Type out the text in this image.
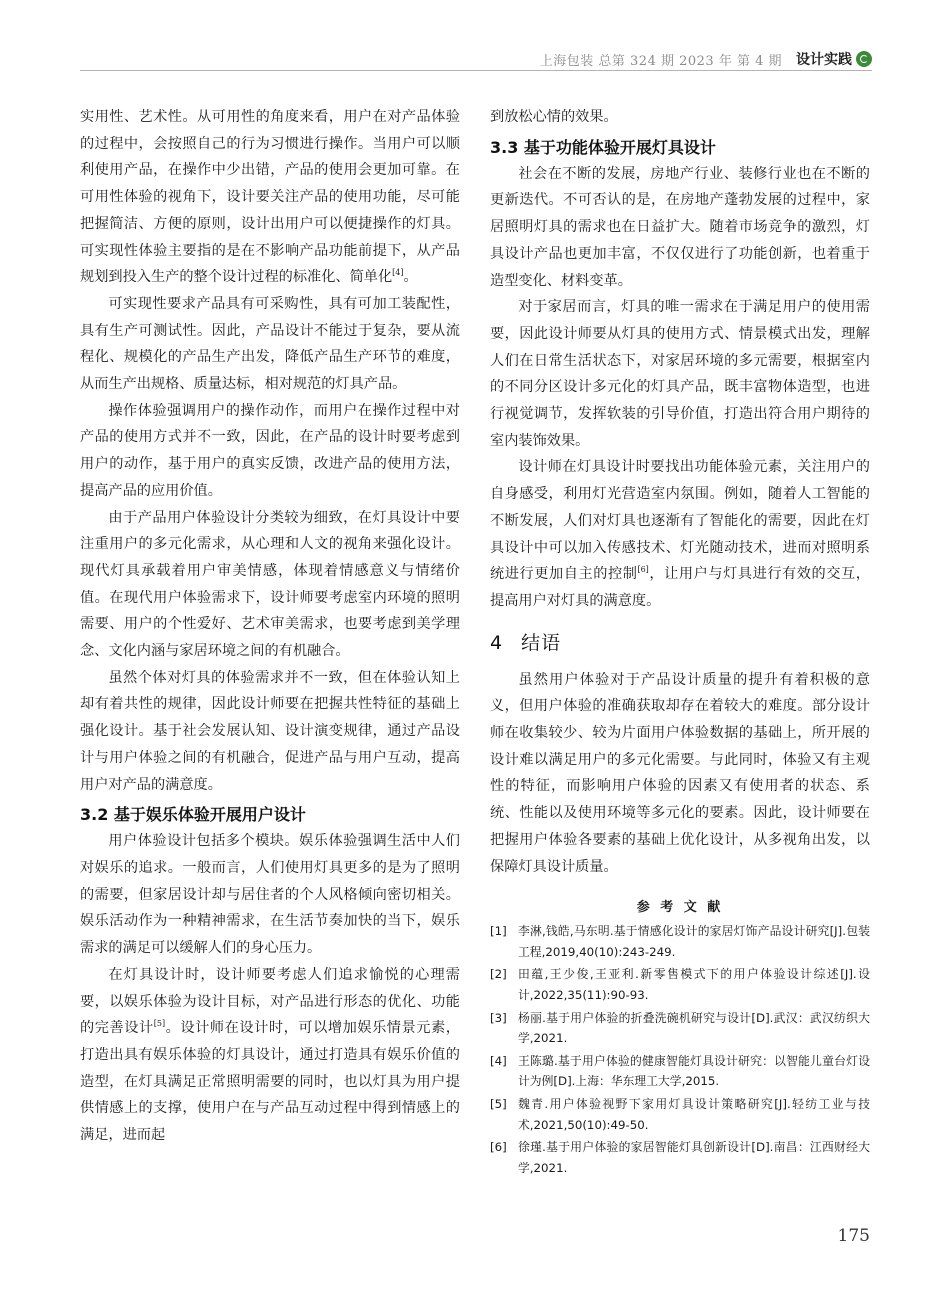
上海包装 总第 324 期 2023 年 第 4 期 设计实践

实用性、艺术性。从可用性的角度来看，用户在对产品体验的过程中，会按照自己的行为习惯进行操作。当用户可以顺利使用产品，在操作中少出错，产品的使用会更加可靠。在可用性体验的视角下，设计要关注产品的使用功能，尽可能把握简洁、方便的原则，设计出用户可以便捷操作的灯具。可实现性体验主要指的是在不影响产品功能前提下，从产品规划到投入生产的整个设计过程的标准化、简单化[4]。

可实现性要求产品具有可采购性，具有可加工装配性，具有生产可测试性。因此，产品设计不能过于复杂，要从流程化、规模化的产品生产出发，降低产品生产环节的难度，从而生产出规格、质量达标，相对规范的灯具产品。

操作体验强调用户的操作动作，而用户在操作过程中对产品的使用方式并不一致，因此，在产品的设计时要考虑到用户的动作，基于用户的真实反馈，改进产品的使用方法，提高产品的应用价值。

由于产品用户体验设计分类较为细致，在灯具设计中要注重用户的多元化需求，从心理和人文的视角来强化设计。现代灯具承载着用户审美情感，体现着情感意义与情绪价值。在现代用户体验需求下，设计师要考虑室内环境的照明需要、用户的个性爱好、艺术审美需求，也要考虑到美学理念、文化内涵与家居环境之间的有机融合。

虽然个体对灯具的体验需求并不一致，但在体验认知上却有着共性的规律，因此设计师要在把握共性特征的基础上强化设计。基于社会发展认知、设计演变规律，通过产品设计与用户体验之间的有机融合，促进产品与用户互动，提高用户对产品的满意度。

3.2 基于娱乐体验开展用户设计

用户体验设计包括多个模块。娱乐体验强调生活中人们对娱乐的追求。一般而言，人们使用灯具更多的是为了照明的需要，但家居设计却与居住者的个人风格倾向密切相关。娱乐活动作为一种精神需求，在生活节奏加快的当下，娱乐需求的满足可以缓解人们的身心压力。

在灯具设计时，设计师要考虑人们追求愉悦的心理需要，以娱乐体验为设计目标，对产品进行形态的优化、功能的完善设计[5]。设计师在设计时，可以增加娱乐情景元素，打造出具有娱乐体验的灯具设计，通过打造具有娱乐价值的造型，在灯具满足正常照明需要的同时，也以灯具为用户提供情感上的支撑，使用户在与产品互动过程中得到情感上的满足，进而起

到放松心情的效果。

3.3 基于功能体验开展灯具设计

社会在不断的发展，房地产行业、装修行业也在不断的更新迭代。不可否认的是，在房地产蓬勃发展的过程中，家居照明灯具的需求也在日益扩大。随着市场竞争的激烈，灯具设计产品也更加丰富，不仅仅进行了功能创新，也着重于造型变化、材料变革。

对于家居而言，灯具的唯一需求在于满足用户的使用需要，因此设计师要从灯具的使用方式、情景模式出发，理解人们在日常生活状态下，对家居环境的多元需要，根据室内的不同分区设计多元化的灯具产品，既丰富物体造型，也进行视觉调节，发挥软装的引导价值，打造出符合用户期待的室内装饰效果。

设计师在灯具设计时要找出功能体验元素，关注用户的自身感受，利用灯光营造室内氛围。例如，随着人工智能的不断发展，人们对灯具也逐渐有了智能化的需要，因此在灯具设计中可以加入传感技术、灯光随动技术，进而对照明系统进行更加自主的控制[6]，让用户与灯具进行有效的交互，提高用户对灯具的满意度。

4 结语

虽然用户体验对于产品设计质量的提升有着积极的意义，但用户体验的准确获取却存在着较大的难度。部分设计师在收集较少、较为片面用户体验数据的基础上，所开展的设计难以满足用户的多元化需要。与此同时，体验又有主观性的特征，而影响用户体验的因素又有使用者的状态、系统、性能以及使用环境等多元化的要素。因此，设计师要在把握用户体验各要素的基础上优化设计，从多视角出发，以保障灯具设计质量。

参 考 文 献
[1] 李淋,钱皓,马东明.基于情感化设计的家居灯饰产品设计研究[J].包装工程,2019,40(10):243-249.
[2] 田蕴,王少俊,王亚利.新零售模式下的用户体验设计综述[J].设计,2022,35(11):90-93.
[3] 杨丽.基于用户体验的折叠洗碗机研究与设计[D].武汉：武汉纺织大学,2021.
[4] 王陈璐.基于用户体验的健康智能灯具设计研究：以智能儿童台灯设计为例[D].上海：华东理工大学,2015.
[5] 魏青.用户体验视野下家用灯具设计策略研究[J].轻纺工业与技术,2021,50(10):49-50.
[6] 徐瑾.基于用户体验的家居智能灯具创新设计[D].南昌：江西财经大学,2021.
175
